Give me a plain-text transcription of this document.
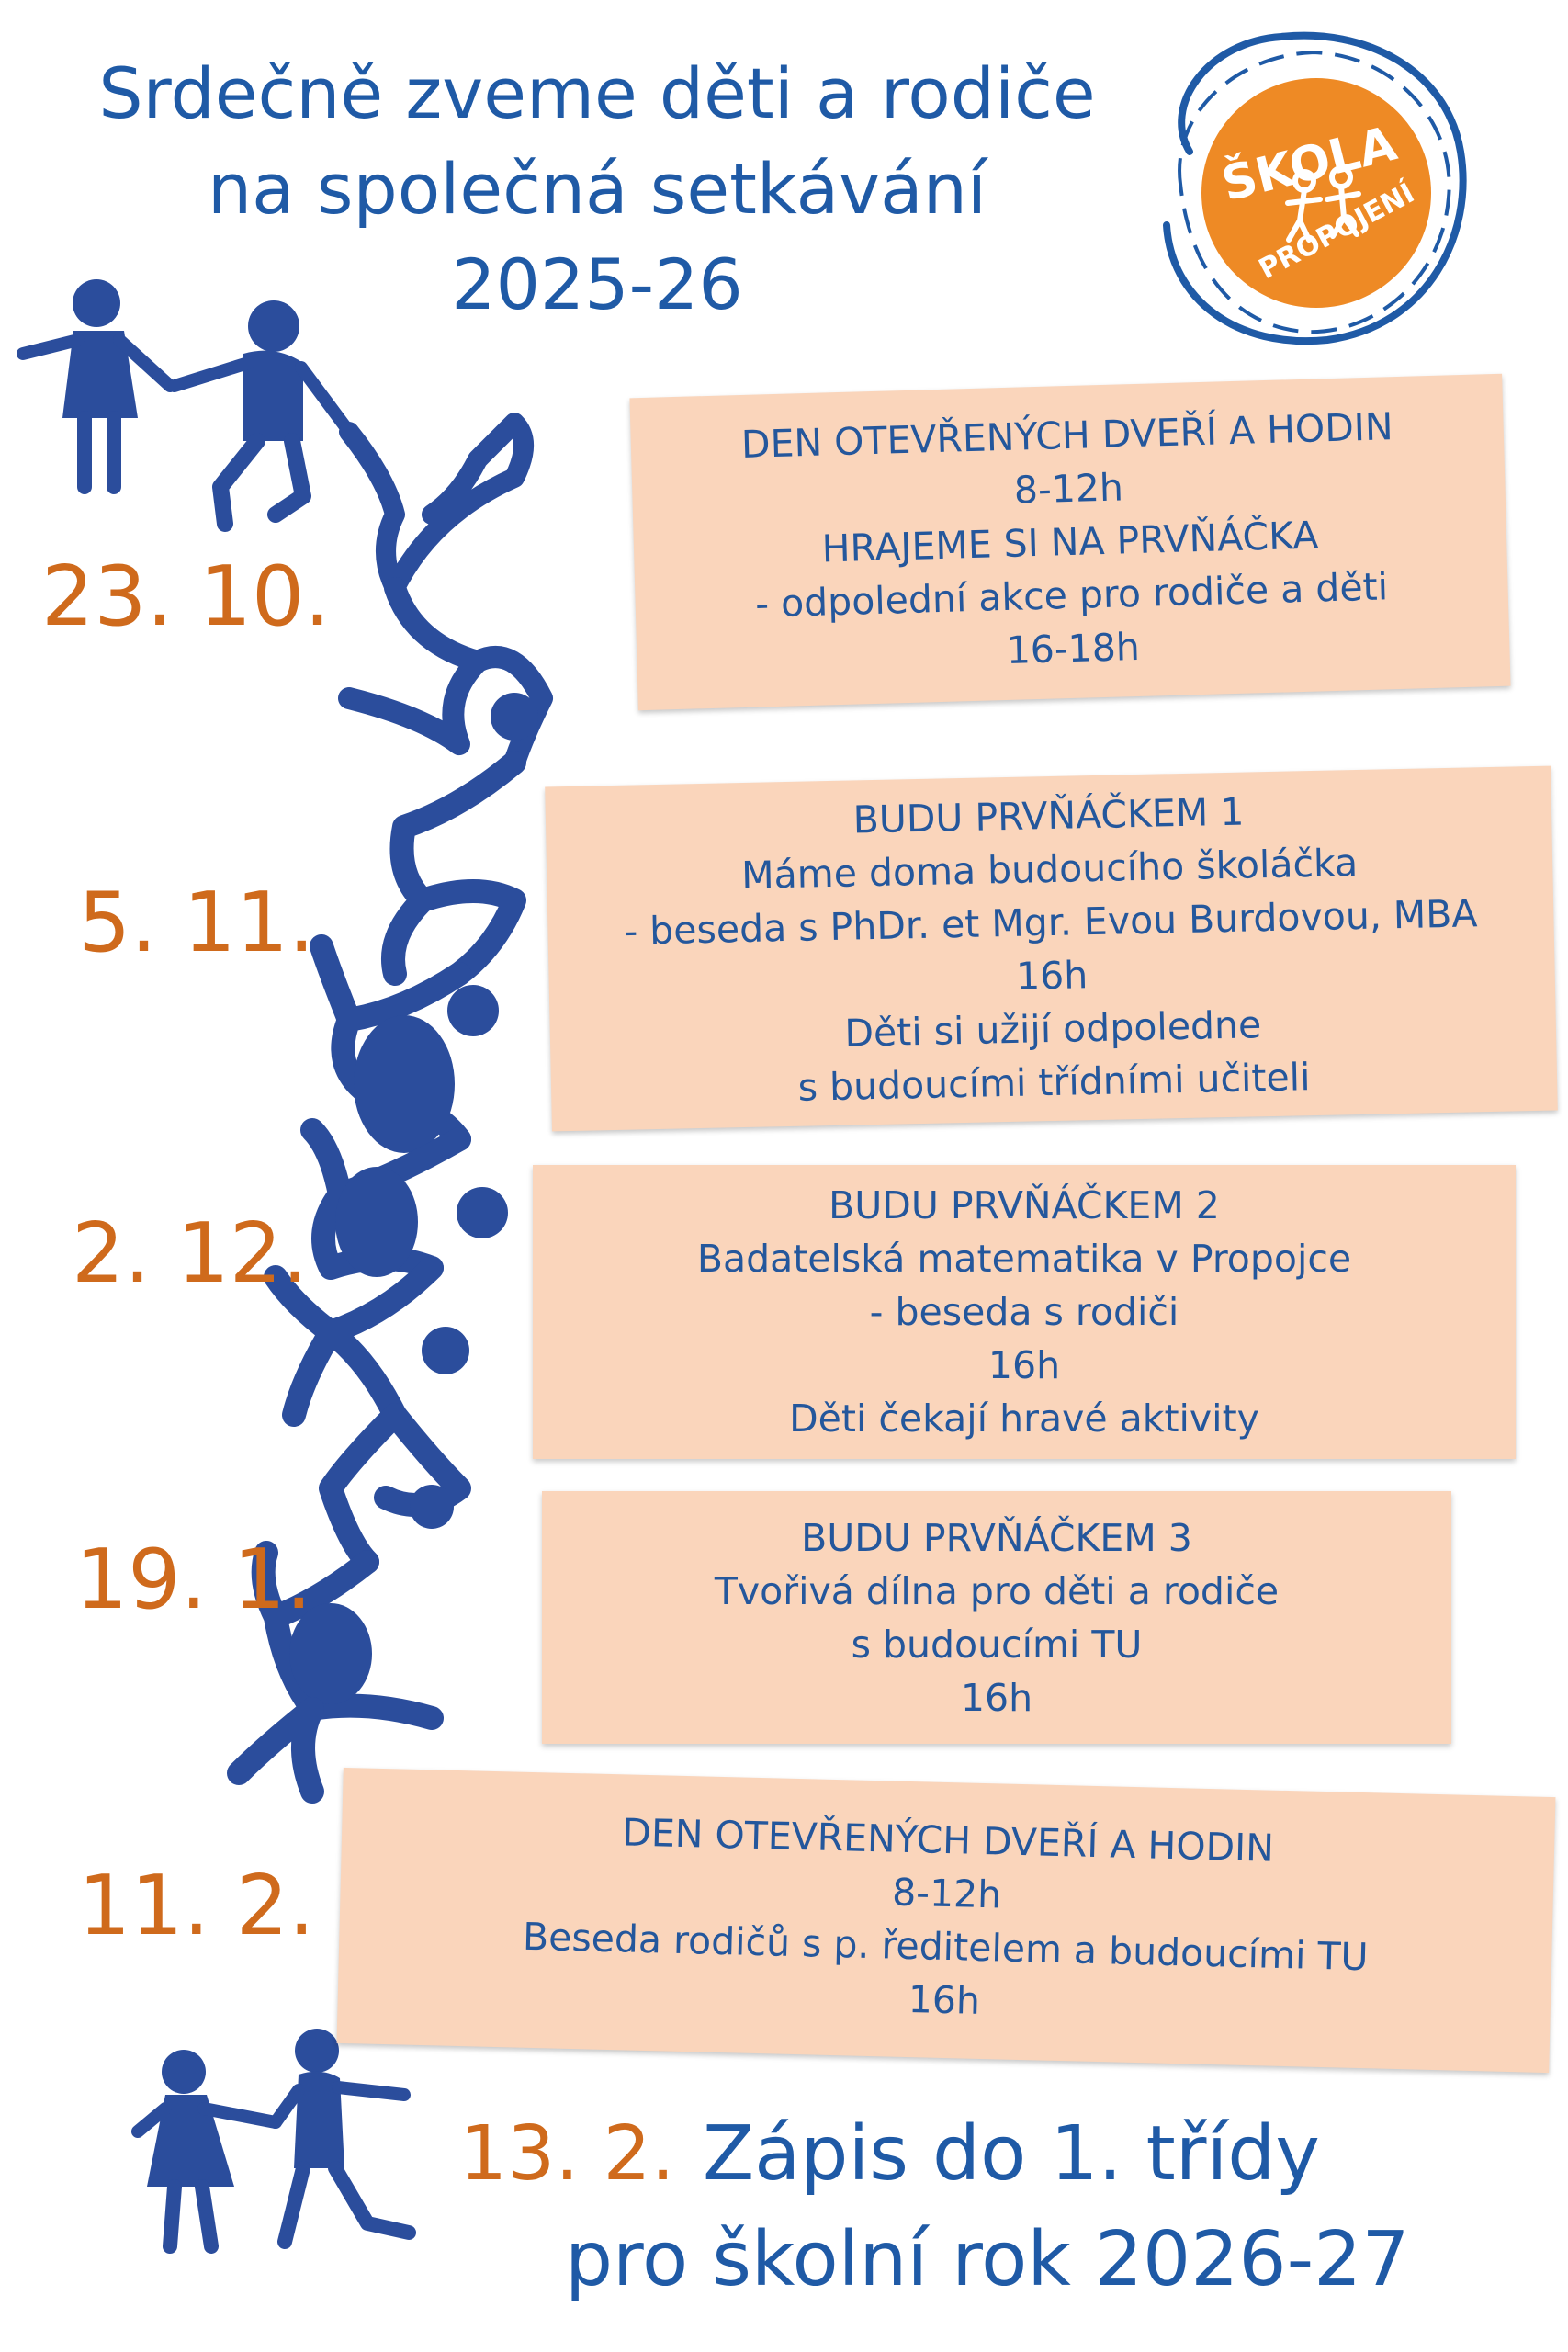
Srdečně zveme děti a rodiče
na společná setkávání
2025-26
ŠKOLA
PROPOJENÍ
23. 10.
5. 11.
2. 12.
19. 1.
11. 2.
DEN OTEVŘENÝCH DVEŘÍ A HODIN
8-12h
HRAJEME SI NA PRVŇÁČKA
- odpolední akce pro rodiče a děti
16-18h
BUDU PRVŇÁČKEM 1
Máme doma budoucího školáčka
- beseda s PhDr. et Mgr. Evou Burdovou, MBA
16h
Děti si užijí odpoledne
s budoucími třídními učiteli
BUDU PRVŇÁČKEM 2
Badatelská matematika v Propojce
- beseda s rodiči
16h
Děti čekají hravé aktivity
BUDU PRVŇÁČKEM 3
Tvořivá dílna pro děti a rodiče
s budoucími TU
16h
DEN OTEVŘENÝCH DVEŘÍ A HODIN
8-12h
Beseda rodičů s p. ředitelem a budoucími TU
16h
13. 2. Zápis do 1. třídy
pro školní rok 2026-27
